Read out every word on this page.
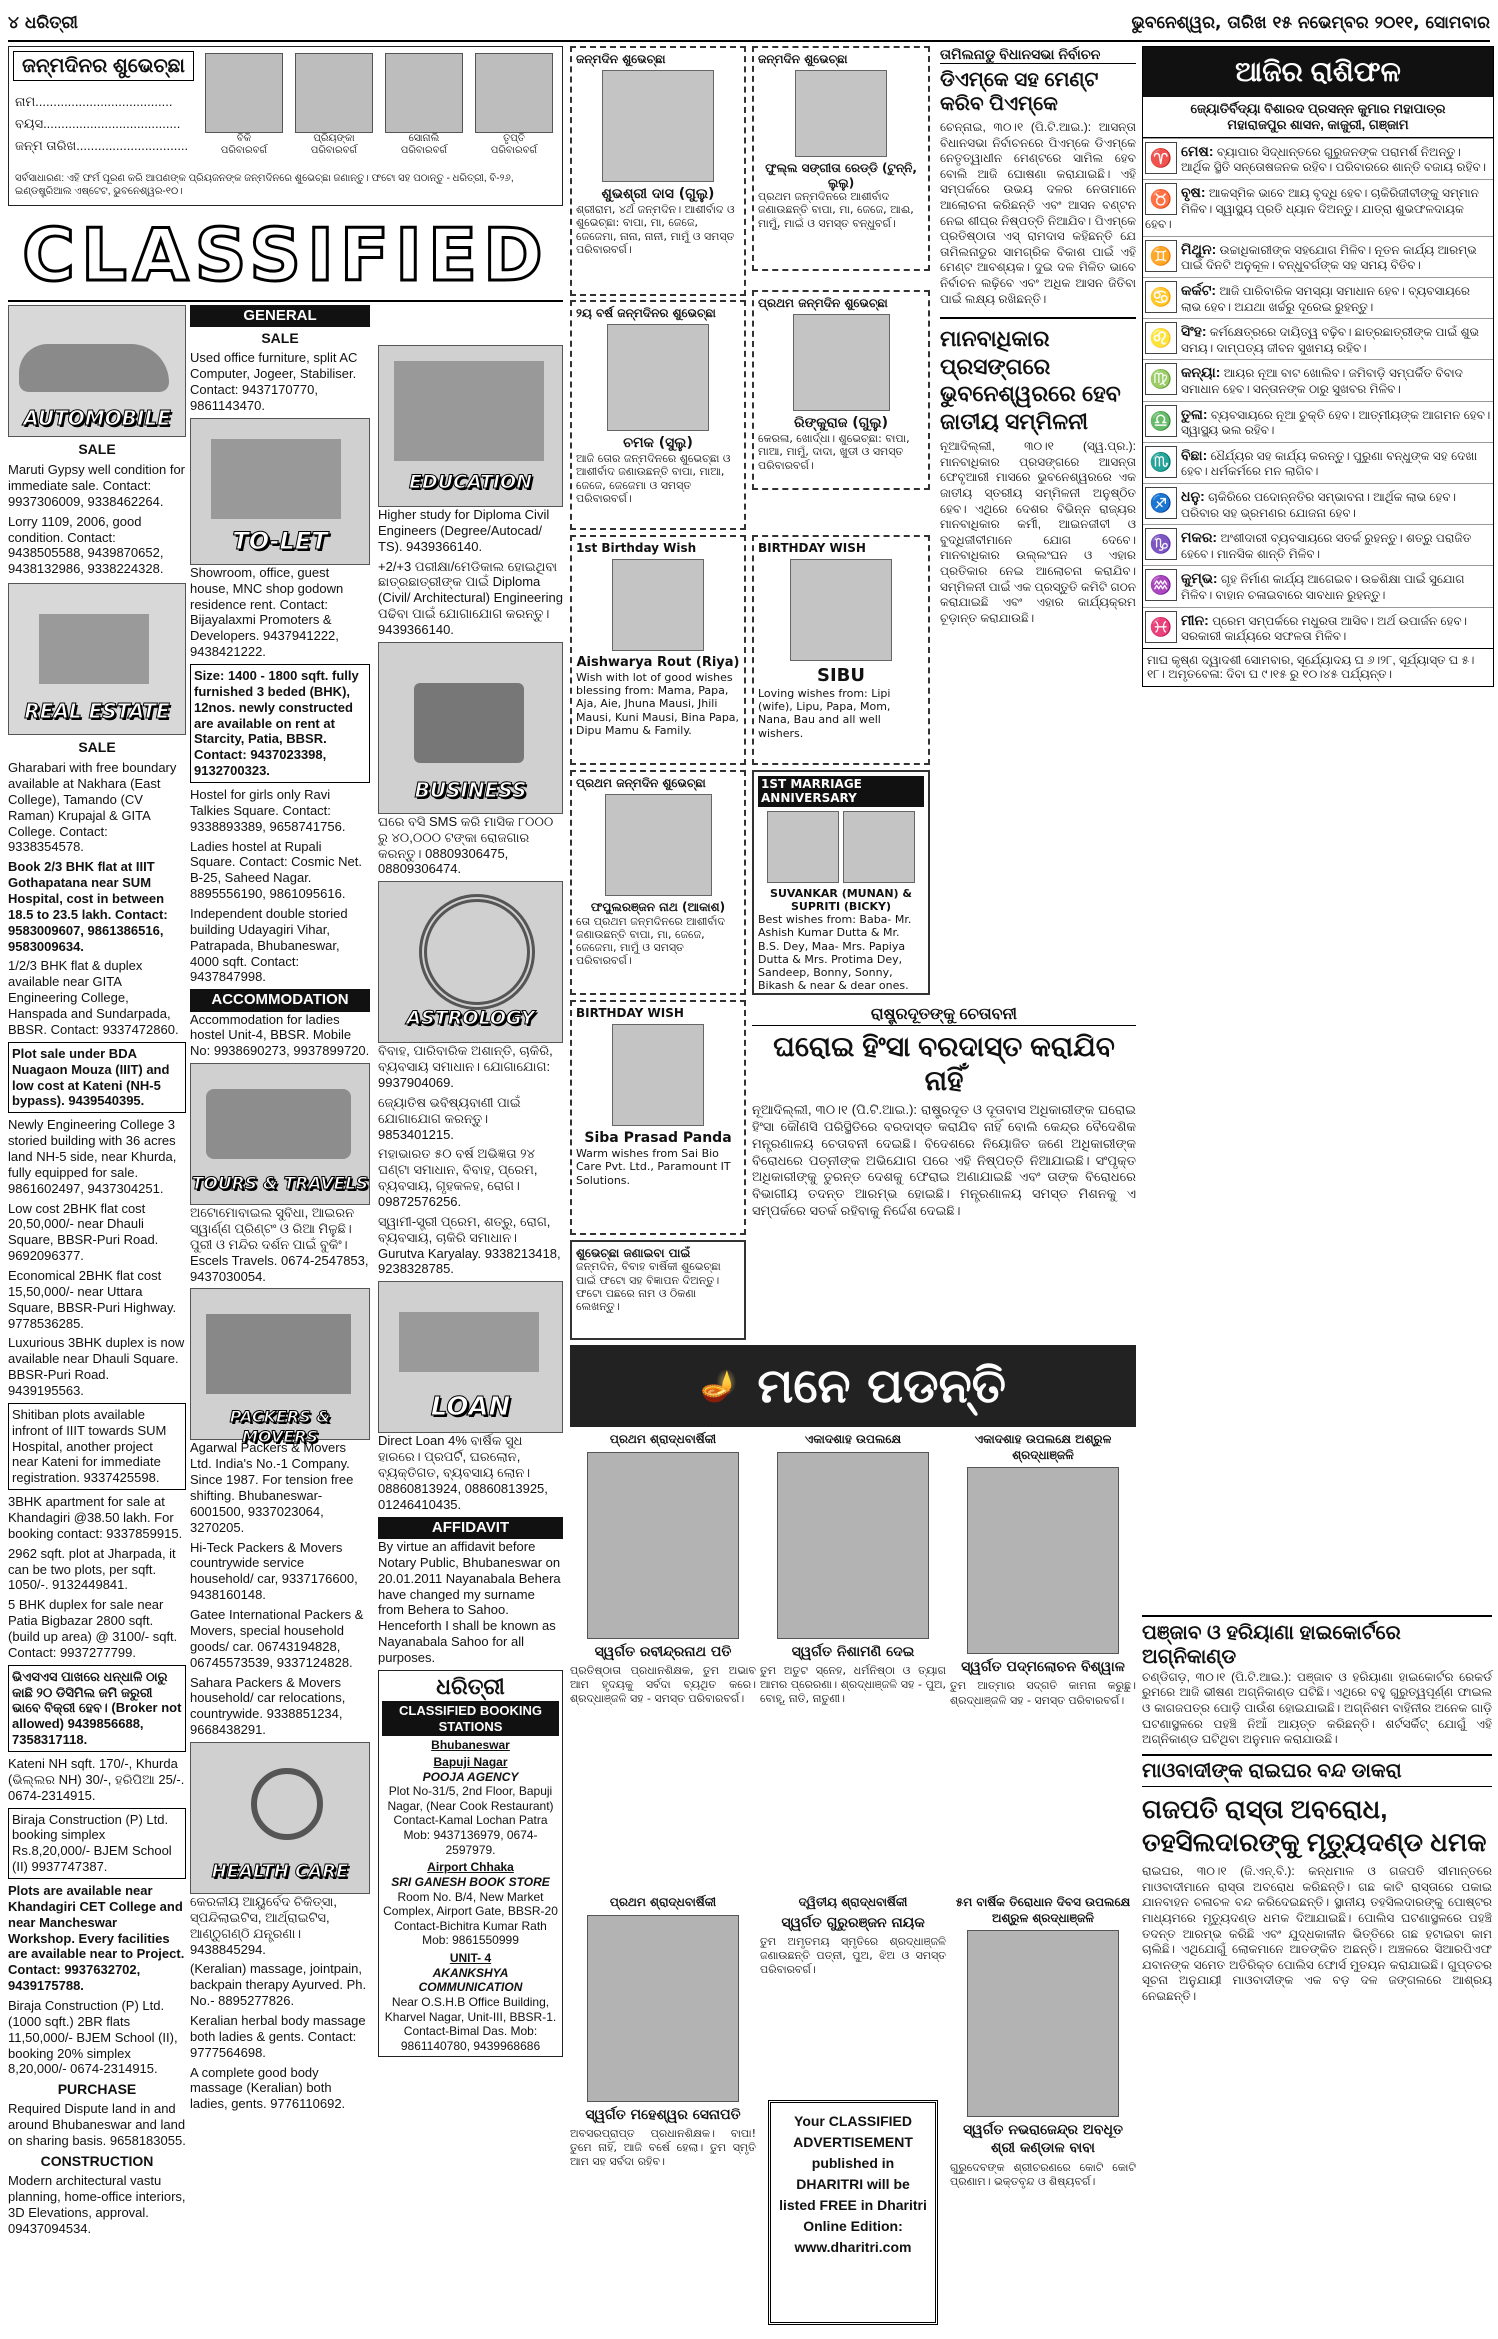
୪ ଧରିତ୍ରୀ	ଭୁବନେଶ୍ୱର, ତାରିଖ ୧୫ ନଭେମ୍ବର ୨୦୧୧, ସୋମବାର
ଜନ୍ମଦିନର ଶୁଭେଚ୍ଛା
ନାମ......................................
ବୟସ......................................
ଜନ୍ମ ତାରିଖ...............................	ବିକି
ପରିବାରବର୍ଗ
ପ୍ରିୟଙ୍କା
ପରିବାରବର୍ଗ
ସୋନାଲି
ପରିବାରବର୍ଗ
ତୃପ୍ତି
ପରିବାରବର୍ଗ
ସର୍ବସାଧାରଣ: ଏହି ଫର୍ମ ପୂରଣ କରି ଆପଣଙ୍କ ପ୍ରିୟଜନଙ୍କ ଜନ୍ମଦିନରେ ଶୁଭେଚ୍ଛା ଜଣାନ୍ତୁ। ଫଟୋ ସହ ପଠାନ୍ତୁ - ଧରିତ୍ରୀ, ବି-୨୬, ଇଣ୍ଡଷ୍ଟ୍ରିଆଲ ଏଷ୍ଟେଟ, ଭୁବନେଶ୍ୱର-୧୦।
CLASSIFIED
AUTOMOBILE
SALE
Maruti Gypsy well condition for immediate sale. Contact: 9937306009, 9338462264.
Lorry 1109, 2006, good condition. Contact: 9438505588, 9439870652, 9438132986, 9338224328.
REAL ESTATE
SALE
Gharabari with free boundary available at Nakhara (East College), Tamando (CV Raman) Krupajal & GITA College. Contact: 9338354578.
Book 2/3 BHK flat at IIIT Gothapatana near SUM Hospital, cost in between 18.5 to 23.5 lakh. Contact: 9583009607, 9861386516, 9583009634.
1/2/3 BHK flat & duplex available near GITA Engineering College, Hanspada and Sundarpada, BBSR. Contact: 9337472860.
Plot sale under BDA Nuagaon Mouza (IIIT) and low cost at Kateni (NH-5 bypass). 9439540395.
Newly Engineering College 3 storied building with 36 acres land NH-5 side, near Khurda, fully equipped for sale. 9861602497, 9437304251.
Low cost 2BHK flat cost 20,50,000/- near Dhauli Square, BBSR-Puri Road. 9692096377.
Economical 2BHK flat cost 15,50,000/- near Uttara Square, BBSR-Puri Highway. 9778536285.
Luxurious 3BHK duplex is now available near Dhauli Square. BBSR-Puri Road. 9439195563.
Shitiban plots available infront of IIIT towards SUM Hospital, another project near Kateni for immediate registration. 9337425598.
3BHK apartment for sale at Khandagiri @38.50 lakh. For booking contact: 9337859915.
2962 sqft. plot at Jharpada, it can be two plots, per sqft. 1050/-. 9132449841.
5 BHK duplex for sale near Patia Bigbazar 2800 sqft. (build up area) @ 3100/- sqft. Contact: 9937277799.
ଭିଏସଏସ ପାଖରେ ଧନ୍ଧାଳି ଠାରୁ କାଛି ୨୦ ଡିସିମିଲ ଜମି ଜରୁରୀ ଭାବେ ବିକ୍ରୀ ହେବ। (Broker not allowed) 9439856688, 7358317118.
Kateni NH sqft. 170/-, Khurda (ଭିଲ୍ଲର NH) 30/-, ହରିପିଆ 25/-. 0674-2314915.
Biraja Construction (P) Ltd. booking simplex Rs.8,20,000/- BJEM School (II) 9937747387.
Plots are available near Khandagiri CET College and near Mancheswar Workshop. Every facilities are available near to Project. Contact: 9937632702, 9439175788.
Biraja Construction (P) Ltd. (1000 sqft.) 2BR flats 11,50,000/- BJEM School (II), booking 20% simplex 8,20,000/- 0674-2314915.
PURCHASE
Required Dispute land in and around Bhubaneswar and land on sharing basis. 9658183055.
CONSTRUCTION
Modern architectural vastu planning, home-office interiors, 3D Elevations, approval. 09437094534.
GENERAL
SALE
Used office furniture, split AC Computer, Jogeer, Stabiliser. Contact: 9437170770, 9861143470.
TO-LET
Showroom, office, guest house, MNC shop godown residence rent. Contact: Bijayalaxmi Promoters & Developers. 9437941222, 9438421222.
Size: 1400 - 1800 sqft. fully furnished 3 beded (BHK), 12nos. newly constructed are available on rent at Starcity, Patia, BBSR. Contact: 9437023398, 9132700323.
Hostel for girls only Ravi Talkies Square. Contact: 9338893389, 9658741756.
Ladies hostel at Rupali Square. Contact: Cosmic Net. B-25, Saheed Nagar. 8895556190, 9861095616.
Independent double storied building Udayagiri Vihar, Patrapada, Bhubaneswar, 4000 sqft. Contact: 9437847998.
ACCOMMODATION
Accommodation for ladies hostel Unit-4, BBSR. Mobile No: 9938690273, 9937899720.
TOURS & TRAVELS
ଅଟୋମୋବାଇଲ ସୁବିଧା, ଆଇରନ ସ୍ୱାର୍ଣ୍ଣ ପ୍ରିଣ୍ଟଂ ଓ ରିଆ ମିଳୁଛି। ପୁରୀ ଓ ମନ୍ଦିର ଦର୍ଶନ ପାଇଁ ବୁକିଂ। Escels Travels. 0674-2547853, 9437030054.
PACKERS & MOVERS
Agarwal Packers & Movers Ltd. India's No.-1 Company. Since 1987. For tension free shifting. Bhubaneswar- 6001500, 9337023064, 3270205.
Hi-Teck Packers & Movers countrywide service household/ car, 9337176600, 9438160148.
Gatee International Packers & Movers, special household goods/ car. 06743194828, 06745573539, 9337124828.
Sahara Packers & Movers household/ car relocations, countrywide. 9338851234, 9668438291.
HEALTH CARE
କେରଳୀୟ ଆୟୁର୍ବେଦ ଚିକିତ୍ସା, ସ୍ପନ୍ଦିଲାଇଟିସ, ଆର୍ଥ୍ରାଇଟିସ, ଆଣ୍ଠୁଗଣ୍ଠି ଯନ୍ତ୍ରଣା। 9438845294.
(Keralian) massage, jointpain, backpain therapy Ayurved. Ph. No.- 8895277826.
Keralian herbal body massage both ladies & gents. Contact: 9777564698.
A complete good body massage (Keralian) both ladies, gents. 9776110692.
EDUCATION
Higher study for Diploma Civil Engineers (Degree/Autocad/ TS). 9439366140.
+2/+3 ପରୀକ୍ଷା/ମେଡିକାଲ ହୋଇଥିବା ଛାତ୍ରଛାତ୍ରୀଙ୍କ ପାଇଁ Diploma (Civil/ Architectural) Engineering ପଢିବା ପାଇଁ ଯୋଗାଯୋଗ କରନ୍ତୁ। 9439366140.
BUSINESS
ଘରେ ବସି SMS କରି ମାସିକ ୮୦୦୦ ରୁ ୪୦,୦୦୦ ଟଙ୍କା ରୋଜଗାର କରନ୍ତୁ। 08809306475, 08809306474.
ASTROLOGY
ବିବାହ, ପାରିବାରିକ ଅଶାନ୍ତି, ଚାକିରି, ବ୍ୟବସାୟ ସମାଧାନ। ଯୋଗାଯୋଗ: 9937904069.
ଜ୍ୟୋତିଷ ଭବିଷ୍ୟବାଣୀ ପାଇଁ ଯୋଗାଯୋଗ କରନ୍ତୁ। 9853401215.
ମହାଭାରତ ୫୦ ବର୍ଷ ଅଭିଜ୍ଞତା ୨୪ ଘଣ୍ଟା ସମାଧାନ, ବିବାହ, ପ୍ରେମ, ବ୍ୟବସାୟ, ଗୃହକଳହ, ରୋଗ। 09872576256.
ସ୍ୱାମୀ-ସ୍ତ୍ରୀ ପ୍ରେମ, ଶତ୍ରୁ, ରୋଗ, ବ୍ୟବସାୟ, ଚାକିରି ସମାଧାନ। Gurutva Karyalay. 9338213418, 9238328785.
LOAN
Direct Loan 4% ବାର୍ଷିକ ସୁଧ ହାରରେ। ପ୍ରପର୍ଟି, ଘରଲୋନ, ବ୍ୟକ୍ତିଗତ, ବ୍ୟବସାୟ ଲୋନ। 08860813924, 08860813925, 01246410435.
AFFIDAVIT
By virtue an affidavit before Notary Public, Bhubaneswar on 20.01.2011 Nayanabala Behera have changed my surname from Behera to Sahoo. Henceforth I shall be known as Nayanabala Sahoo for all purposes.
ଧରିତ୍ରୀ
CLASSIFIED BOOKING STATIONS
Bhubaneswar
Bapuji Nagar
POOJA AGENCY
Plot No-31/5, 2nd Floor, Bapuji Nagar, (Near Cook Restaurant) Contact-Kamal Lochan Patra Mob: 9437136979, 0674-2597979.
Airport Chhaka
SRI GANESH BOOK STORE
Room No. B/4, New Market Complex, Airport Gate, BBSR-20 Contact-Bichitra Kumar Rath Mob: 9861550999
UNIT- 4
AKANKSHYA COMMUNICATION
Near O.S.H.B Office Building, Kharvel Nagar, Unit-III, BBSR-1. Contact-Bimal Das. Mob: 9861140780, 9439968686
ଜନ୍ମଦିନ ଶୁଭେଚ୍ଛା
ଶୁଭଶ୍ରୀ ଦାସ (ଗୁଲୁ)
ଶ୍ରୀରାମ, ୪ର୍ଥ ଜନ୍ମଦିନ। ଆଶୀର୍ବାଦ ଓ ଶୁଭେଚ୍ଛା: ବାପା, ମା, ଜେଜେ, ଜେଜେମା, ନାନା, ନାନୀ, ମାମୁଁ ଓ ସମସ୍ତ ପରିବାରବର୍ଗ।
ଜନ୍ମଦିନ ଶୁଭେଚ୍ଛା
ଫୁଲ୍ଲ ସଙ୍ଗୀତା ରେଡ୍ଡି (ଟୁନ୍ନି, ଲୁଲୁ)
ପ୍ରଥମ ଜନ୍ମଦିନରେ ଆଶୀର୍ବାଦ ଜଣାଉଛନ୍ତି ବାପା, ମା, ଜେଜେ, ଆଈ, ମାମୁଁ, ମାଇଁ ଓ ସମସ୍ତ ବନ୍ଧୁବର୍ଗ।
୨ୟ ବର୍ଷ ଜନ୍ମଦିନର ଶୁଭେଚ୍ଛା
ଚମକ (ସୁଲୁ)
ଆଜି ତୋର ଜନ୍ମଦିନରେ ଶୁଭେଚ୍ଛା ଓ ଆଶୀର୍ବାଦ ଜଣାଉଛନ୍ତି ବାପା, ମାଆ, ଜେଜେ, ଜେଜେମା ଓ ସମସ୍ତ ପରିବାରବର୍ଗ।
ପ୍ରଥମ ଜନ୍ମଦିନ ଶୁଭେଚ୍ଛା
ରିଙ୍କୁରାଜ (ଗୁଲୁ)
କେରଳା, ଖୋର୍ଦ୍ଧା। ଶୁଭେଚ୍ଛା: ବାପା, ମାଆ, ମାମୁଁ, ଦାଦା, ଖୁଡୀ ଓ ସମସ୍ତ ପରିବାରବର୍ଗ।
1st Birthday Wish
Aishwarya Rout (Riya)
Wish with lot of good wishes blessing from: Mama, Papa, Aja, Aie, Jhuna Mausi, Jhili Mausi, Kuni Mausi, Bina Papa, Dipu Mamu & Family.
BIRTHDAY WISH
SIBU
Loving wishes from: Lipi (wife), Lipu, Papa, Mom, Nana, Bau and all well wishers.
ପ୍ରଥମ ଜନ୍ମଦିନ ଶୁଭେଚ୍ଛା
ଫପୁଲରଞ୍ଜନ ନାଥ (ଆକାଶ)
ତୋ ପ୍ରଥମ ଜନ୍ମଦିନରେ ଆଶୀର୍ବାଦ ଜଣାଉଛନ୍ତି ବାପା, ମା, ଜେଜେ, ଜେଜେମା, ମାମୁଁ ଓ ସମସ୍ତ ପରିବାରବର୍ଗ।
1ST MARRIAGE ANNIVERSARY
SUVANKAR (MUNAN) & SUPRITI (BICKY)
Best wishes from: Baba- Mr. Ashish Kumar Dutta & Mr. B.S. Dey, Maa- Mrs. Papiya Dutta & Mrs. Protima Dey, Sandeep, Bonny, Sonny, Bikash & near & dear ones.
BIRTHDAY WISH
Siba Prasad Panda
Warm wishes from Sai Bio Care Pvt. Ltd., Paramount IT Solutions.
ଶୁଭେଚ୍ଛା ଜଣାଇବା ପାଇଁ
ଜନ୍ମଦିନ, ବିବାହ ବାର୍ଷିକୀ ଶୁଭେଚ୍ଛା ପାଇଁ ଫଟୋ ସହ ବିଜ୍ଞାପନ ଦିଅନ୍ତୁ। ଫଟୋ ପଛରେ ନାମ ଓ ଠିକଣା ଲେଖନ୍ତୁ।
ତାମିଲନାଡୁ ବିଧାନସଭା ନିର୍ବାଚନ
ଡିଏମ୍‌କେ ସହ ମେଣ୍ଟ କରିବ ପିଏମ୍‌କେ
ଚେନ୍ନାଇ, ୩୦।୧ (ପି.ଟି.ଆଇ.): ଆସନ୍ତା ବିଧାନସଭା ନିର୍ବାଚନରେ ପିଏମ୍‌କେ ଡିଏମ୍‌କେ ନେତୃତ୍ୱାଧୀନ ମେଣ୍ଟରେ ସାମିଲ ହେବ ବୋଲି ଆଜି ଘୋଷଣା କରାଯାଇଛି। ଏହି ସମ୍ପର୍କରେ ଉଭୟ ଦଳର ନେତାମାନେ ଆଲୋଚନା କରିଛନ୍ତି ଏବଂ ଆସନ ବଣ୍ଟନ ନେଇ ଶୀଘ୍ର ନିଷ୍ପତ୍ତି ନିଆଯିବ। ପିଏମ୍‌କେ ପ୍ରତିଷ୍ଠାତା ଏସ୍ ରାମଦାସ କହିଛନ୍ତି ଯେ ତାମିଲନାଡୁର ସାମଗ୍ରିକ ବିକାଶ ପାଇଁ ଏହି ମେଣ୍ଟ ଆବଶ୍ୟକ। ଦୁଇ ଦଳ ମିଳିତ ଭାବେ ନିର୍ବାଚନ ଲଢ଼ିବେ ଏବଂ ଅଧିକ ଆସନ ଜିତିବା ପାଇଁ ଲକ୍ଷ୍ୟ ରଖିଛନ୍ତି।
ମାନବାଧିକାର ପ୍ରସଙ୍ଗରେ ଭୁବନେଶ୍ୱରରେ ହେବ ଜାତୀୟ ସମ୍ମିଳନୀ
ନୂଆଦିଲ୍ଲୀ, ୩୦।୧ (ସ୍ୱ.ପ୍ର.): ମାନବାଧିକାର ପ୍ରସଙ୍ଗରେ ଆସନ୍ତା ଫେବୃଆରୀ ମାସରେ ଭୁବନେଶ୍ୱରରେ ଏକ ଜାତୀୟ ସ୍ତରୀୟ ସମ୍ମିଳନୀ ଅନୁଷ୍ଠିତ ହେବ। ଏଥିରେ ଦେଶର ବିଭିନ୍ନ ରାଜ୍ୟର ମାନବାଧିକାର କର୍ମୀ, ଆଇନଜୀବୀ ଓ ବୁଦ୍ଧିଜୀବୀମାନେ ଯୋଗ ଦେବେ। ମାନବାଧିକାର ଉଲ୍ଲଂଘନ ଓ ଏହାର ପ୍ରତିକାର ନେଇ ଆଲୋଚନା କରାଯିବ। ସମ୍ମିଳନୀ ପାଇଁ ଏକ ପ୍ରସ୍ତୁତି କମିଟି ଗଠନ କରାଯାଇଛି ଏବଂ ଏହାର କାର୍ଯ୍ୟକ୍ରମ ଚୂଡ଼ାନ୍ତ କରାଯାଉଛି।
ଆଜିର ରାଶିଫଳ
ଜ୍ୟୋତିର୍ବିଦ୍ୟା ବିଶାରଦ ପ୍ରସନ୍ନ କୁମାର ମହାପାତ୍ର
ମହାରାଜପୁର ଶାସନ, କାଜୁରୀ, ଗଞ୍ଜାମ
♈ ମେଷ: ବ୍ୟାପାର ସିଦ୍ଧାନ୍ତରେ ଗୁରୁଜନଙ୍କ ପରାମର୍ଶ ନିଅନ୍ତୁ। ଆର୍ଥିକ ସ୍ଥିତି ସନ୍ତୋଷଜନକ ରହିବ। ପରିବାରରେ ଶାନ୍ତି ବଜାୟ ରହିବ।
♉ ବୃଷ: ଆକସ୍ମିକ ଭାବେ ଆୟ ବୃଦ୍ଧି ହେବ। ଚାକିରିଜୀବୀଙ୍କୁ ସମ୍ମାନ ମିଳିବ। ସ୍ୱାସ୍ଥ୍ୟ ପ୍ରତି ଧ୍ୟାନ ଦିଅନ୍ତୁ। ଯାତ୍ରା ଶୁଭଫଳଦାୟକ ହେବ।
♊ ମିଥୁନ: ଉଚ୍ଚାଧିକାରୀଙ୍କ ସହଯୋଗ ମିଳିବ। ନୂତନ କାର୍ଯ୍ୟ ଆରମ୍ଭ ପାଇଁ ଦିନଟି ଅନୁକୂଳ। ବନ୍ଧୁବର୍ଗଙ୍କ ସହ ସମୟ ବିତିବ।
♋ କର୍କଟ: ଆଜି ପାରିବାରିକ ସମସ୍ୟା ସମାଧାନ ହେବ। ବ୍ୟବସାୟରେ ଲାଭ ହେବ। ଅଯଥା ଖର୍ଚ୍ଚରୁ ଦୂରେଇ ରୁହନ୍ତୁ।
♌ ସିଂହ: କର୍ମକ୍ଷେତ୍ରରେ ଦାୟିତ୍ୱ ବଢ଼ିବ। ଛାତ୍ରଛାତ୍ରୀଙ୍କ ପାଇଁ ଶୁଭ ସମୟ। ଦାମ୍ପତ୍ୟ ଜୀବନ ସୁଖମୟ ରହିବ।
♍ କନ୍ୟା: ଆୟର ନୂଆ ବାଟ ଖୋଲିବ। ଜମିବାଡ଼ି ସମ୍ପର୍କିତ ବିବାଦ ସମାଧାନ ହେବ। ସନ୍ତାନଙ୍କ ଠାରୁ ସୁଖବର ମିଳିବ।
♎ ତୁଳା: ବ୍ୟବସାୟରେ ନୂଆ ଚୁକ୍ତି ହେବ। ଆତ୍ମୀୟଙ୍କ ଆଗମନ ହେବ। ସ୍ୱାସ୍ଥ୍ୟ ଭଲ ରହିବ।
♏ ବିଛା: ଧୈର୍ଯ୍ୟର ସହ କାର୍ଯ୍ୟ କରନ୍ତୁ। ପୁରୁଣା ବନ୍ଧୁଙ୍କ ସହ ଦେଖା ହେବ। ଧର୍ମକର୍ମରେ ମନ ଲାଗିବ।
♐ ଧନୁ: ଚାକିରିରେ ପଦୋନ୍ନତିର ସମ୍ଭାବନା। ଆର୍ଥିକ ଲାଭ ହେବ। ପରିବାର ସହ ଭ୍ରମଣର ଯୋଜନା ହେବ।
♑ ମକର: ଅଂଶୀଦାରୀ ବ୍ୟବସାୟରେ ସତର୍କ ରୁହନ୍ତୁ। ଶତ୍ରୁ ପରାଜିତ ହେବେ। ମାନସିକ ଶାନ୍ତି ମିଳିବ।
♒ କୁମ୍ଭ: ଗୃହ ନିର୍ମାଣ କାର୍ଯ୍ୟ ଆଗେଇବ। ଉଚ୍ଚଶିକ୍ଷା ପାଇଁ ସୁଯୋଗ ମିଳିବ। ବାହାନ ଚଳାଇବାରେ ସାବଧାନ ରୁହନ୍ତୁ।
♓ ମୀନ: ପ୍ରେମ ସମ୍ପର୍କରେ ମଧୁରତା ଆସିବ। ଅର୍ଥ ଉପାର୍ଜନ ହେବ। ସରକାରୀ କାର୍ଯ୍ୟରେ ସଫଳତା ମିଳିବ।
ମାଘ କୃଷ୍ଣ ଦ୍ୱାଦଶୀ ସୋମବାର, ସୂର୍ଯ୍ୟୋଦୟ ଘ ୬।୨୮, ସୂର୍ଯ୍ୟାସ୍ତ ଘ ୫।୧୮। ଅମୃତବେଳା: ଦିବା ଘ ୯।୧୫ ରୁ ୧୦।୪୫ ପର୍ଯ୍ୟନ୍ତ।
ରାଷ୍ଟ୍ରଦୂତଙ୍କୁ ଚେତାବନୀ
ଘରୋଇ ହିଂସା ବରଦାସ୍ତ କରାଯିବ ନାହିଁ
ନୂଆଦିଲ୍ଲୀ, ୩୦।୧ (ପି.ଟି.ଆଇ.): ରାଷ୍ଟ୍ରଦୂତ ଓ ଦୂତାବାସ ଅଧିକାରୀଙ୍କ ଘରୋଇ ହିଂସା କୌଣସି ପରିସ୍ଥିତିରେ ବରଦାସ୍ତ କରାଯିବ ନାହିଁ ବୋଲି କେନ୍ଦ୍ର ବୈଦେଶିକ ମନ୍ତ୍ରଣାଳୟ ଚେତାବନୀ ଦେଇଛି। ବିଦେଶରେ ନିୟୋଜିତ ଜଣେ ଅଧିକାରୀଙ୍କ ବିରୋଧରେ ପତ୍ନୀଙ୍କ ଅଭିଯୋଗ ପରେ ଏହି ନିଷ୍ପତ୍ତି ନିଆଯାଇଛି। ସଂପୃକ୍ତ ଅଧିକାରୀଙ୍କୁ ତୁରନ୍ତ ଦେଶକୁ ଫେରାଇ ଅଣାଯାଇଛି ଏବଂ ତାଙ୍କ ବିରୋଧରେ ବିଭାଗୀୟ ତଦନ୍ତ ଆରମ୍ଭ ହୋଇଛି। ମନ୍ତ୍ରଣାଳୟ ସମସ୍ତ ମିଶନକୁ ଏ ସମ୍ପର୍କରେ ସତର୍କ ରହିବାକୁ ନିର୍ଦ୍ଦେଶ ଦେଇଛି।
ପଞ୍ଜାବ ଓ ହରିୟାଣା ହାଇକୋର୍ଟରେ ଅଗ୍ନିକାଣ୍ଡ
ଚଣ୍ଡିଗଡ଼, ୩୦।୧ (ପି.ଟି.ଆଇ.): ପଞ୍ଜାବ ଓ ହରିୟାଣା ହାଇକୋର୍ଟର ରେକର୍ଡ ରୁମରେ ଆଜି ଭୀଷଣ ଅଗ୍ନିକାଣ୍ଡ ଘଟିଛି। ଏଥିରେ ବହୁ ଗୁରୁତ୍ୱପୂର୍ଣ୍ଣ ଫାଇଲ ଓ କାଗଜପତ୍ର ପୋଡ଼ି ପାଉଁଶ ହୋଇଯାଇଛି। ଅଗ୍ନିଶମ ବାହିନୀର ଅନେକ ଗାଡ଼ି ଘଟଣାସ୍ଥଳରେ ପହଞ୍ଚି ନିଆଁ ଆୟତ୍ତ କରିଛନ୍ତି। ଶର୍ଟସର୍କିଟ୍ ଯୋଗୁଁ ଏହି ଅଗ୍ନିକାଣ୍ଡ ଘଟିଥିବା ଅନୁମାନ କରାଯାଉଛି।
ମାଓବାଦୀଙ୍କ ରାଇଘର ବନ୍ଦ ଡାକରା
ଗଜପତି ରାସ୍ତା ଅବରୋଧ, ତହସିଲଦାରଙ୍କୁ ମୃତ୍ୟୁଦଣ୍ଡ ଧମକ
ରାଇଘର, ୩୦।୧ (ଜି.ଏନ୍.ବି.): କନ୍ଧମାଳ ଓ ଗଜପତି ସୀମାନ୍ତରେ ମାଓବାଦୀମାନେ ରାସ୍ତା ଅବରୋଧ କରିଛନ୍ତି। ଗଛ କାଟି ରାସ୍ତାରେ ପକାଇ ଯାନବାହନ ଚଳାଚଳ ବନ୍ଦ କରିଦେଇଛନ୍ତି। ସ୍ଥାନୀୟ ତହସିଲଦାରଙ୍କୁ ପୋଷ୍ଟର ମାଧ୍ୟମରେ ମୃତ୍ୟୁଦଣ୍ଡ ଧମକ ଦିଆଯାଇଛି। ପୋଲିସ ଘଟଣାସ୍ଥଳରେ ପହଞ୍ଚି ତଦନ୍ତ ଆରମ୍ଭ କରିଛି ଏବଂ ଯୁଦ୍ଧକାଳୀନ ଭିତ୍ତିରେ ଗଛ ହଟାଇବା କାମ ଚାଲିଛି। ଏଥିଯୋଗୁଁ ଲୋକମାନେ ଆତଙ୍କିତ ଅଛନ୍ତି। ଅଞ୍ଚଳରେ ସିଆରପିଏଫ ଯବାନଙ୍କ ସମେତ ଅତିରିକ୍ତ ପୋଲିସ ଫୋର୍ସ ମୁତୟନ କରାଯାଇଛି। ଗୁପ୍ତଚର ସୂଚନା ଅନୁଯାୟୀ ମାଓବାଦୀଙ୍କ ଏକ ବଡ଼ ଦଳ ଜଙ୍ଗଲରେ ଆଶ୍ରୟ ନେଇଛନ୍ତି।
🪔 ମନେ ପଡନ୍ତି
ପ୍ରଥମ ଶ୍ରାଦ୍ଧବାର୍ଷିକୀ
ସ୍ୱର୍ଗତ ରବୀନ୍ଦ୍ରନାଥ ପତି
ପ୍ରତିଷ୍ଠାତା ପ୍ରଧାନଶିକ୍ଷକ, ତୁମ ଅଭାବ ଆମ ହୃଦୟକୁ ସର୍ବଦା ବ୍ୟଥିତ କରେ। ଶ୍ରଦ୍ଧାଞ୍ଜଳି ସହ - ସମସ୍ତ ପରିବାରବର୍ଗ।
ଏକାଦଶାହ ଉପଲକ୍ଷେ
ସ୍ୱର୍ଗତ ନିଶାମଣି ଦେଇ
ତୁମ ଅତୁଟ ସ୍ନେହ, ଧର୍ମନିଷ୍ଠା ଓ ତ୍ୟାଗ ଆମର ପ୍ରେରଣା। ଶ୍ରଦ୍ଧାଞ୍ଜଳି ସହ - ପୁଅ, ବୋହୂ, ନାତି, ନାତୁଣୀ।
ଏକାଦଶାହ ଉପଲକ୍ଷେ ଅଶ୍ରୁଳ ଶ୍ରଦ୍ଧାଞ୍ଜଳି
ସ୍ୱର୍ଗତ ପଦ୍ମଲୋଚନ ବିଶ୍ୱାଳ
ତୁମ ଆତ୍ମାର ସଦ୍‌ଗତି କାମନା କରୁଛୁ। ଶ୍ରଦ୍ଧାଞ୍ଜଳି ସହ - ସମସ୍ତ ପରିବାରବର୍ଗ।
ପ୍ରଥମ ଶ୍ରାଦ୍ଧବାର୍ଷିକୀ
ସ୍ୱର୍ଗତ ମହେଶ୍ୱର ସେନାପତି
ଅବସରପ୍ରାପ୍ତ ପ୍ରଧାନଶିକ୍ଷକ। ବାପା! ତୁମେ ନାହିଁ, ଆଜି ବର୍ଷେ ହେଲା। ତୁମ ସ୍ମୃତି ଆମ ସହ ସର୍ବଦା ରହିବ।
ଦ୍ୱିତୀୟ ଶ୍ରାଦ୍ଧବାର୍ଷିକୀ
ସ୍ୱର୍ଗତ ଗୁରୁରଞ୍ଜନ ନାୟକ
ତୁମ ଅମୃତମୟ ସ୍ମୃତିରେ ଶ୍ରଦ୍ଧାଞ୍ଜଳି ଜଣାଉଛନ୍ତି ପତ୍ନୀ, ପୁଅ, ଝିଅ ଓ ସମସ୍ତ ପରିବାରବର୍ଗ।
Your CLASSIFIED ADVERTISEMENT published in DHARITRI will be listed FREE in Dharitri Online Edition: www.dharitri.com
୫ମ ବାର୍ଷିକ ତିରୋଧାନ ଦିବସ ଉପଲକ୍ଷେ ଅଶ୍ରୁଳ ଶ୍ରଦ୍ଧାଞ୍ଜଳି
ସ୍ୱର୍ଗତ ନଭରାଜେନ୍ଦ୍ର ଅବଧୂତ ଶ୍ରୀ କଣ୍ଡାଳ ବାବା
ଗୁରୁଦେବଙ୍କ ଶ୍ରୀଚରଣରେ କୋଟି କୋଟି ପ୍ରଣାମ। ଭକ୍ତବୃନ୍ଦ ଓ ଶିଷ୍ୟବର୍ଗ।
